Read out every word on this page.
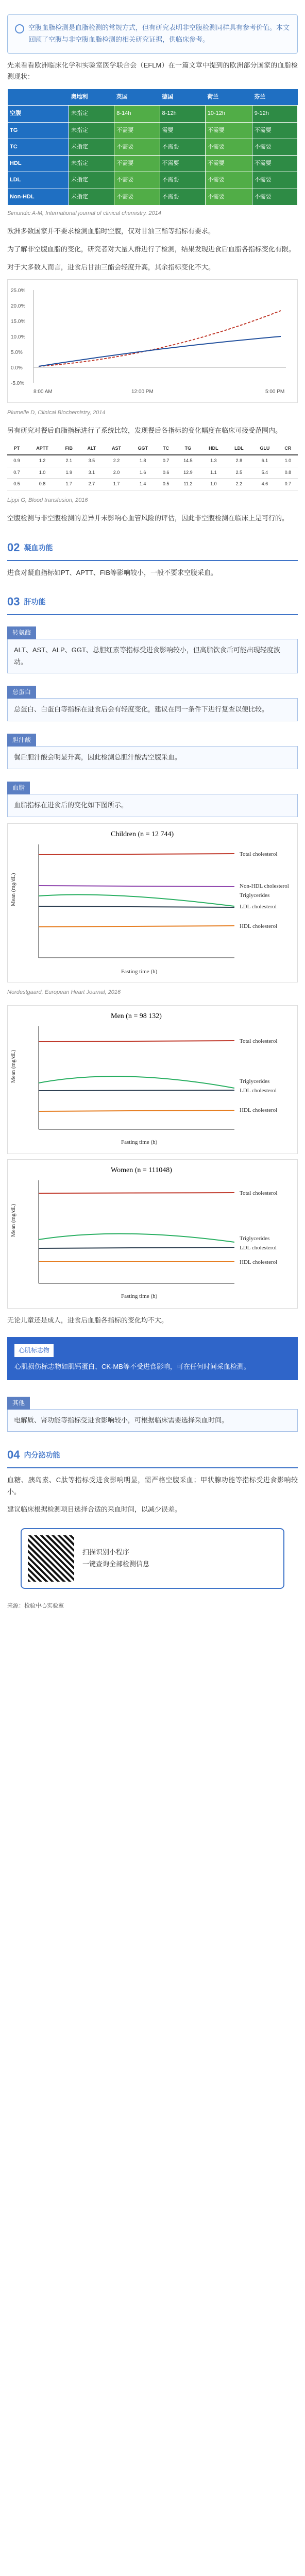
空腹血脂检测是血脂检测的常规方式，但有研究表明非空腹检测同样具有参考价值。本文回顾了空腹与非空腹血脂检测的相关研究证据，供临床参考。

先来看看欧洲临床化学和实验室医学联合会（EFLM）在一篇文章中提到的欧洲部分国家的血脂检测现状：

	奥地利	英国	德国	荷兰	芬兰
空腹	未指定	8-14h	8-12h	10-12h	9-12h
TG	未指定	不需要	需要	不需要	不需要
TC	未指定	不需要	不需要	不需要	不需要
HDL	未指定	不需要	不需要	不需要	不需要
LDL	未指定	不需要	不需要	不需要	不需要
Non-HDL	未指定	不需要	不需要	不需要	不需要
Simundic A-M, International journal of clinical chemistry. 2014

欧洲多数国家并不要求检测血脂时空腹，仅对甘油三酯等指标有要求。

为了解非空腹血脂的变化，研究者对大量人群进行了检测，结果发现进食后血脂各指标变化有限。

对于大多数人而言，进食后甘油三酯会轻度升高，其余指标变化不大。

25.0%
20.0%
15.0%
10.0%
5.0%
0.0%
-5.0%
8:00 AM	12:00 PM	5:00 PM
Plumelle D, Clinical Biochemistry, 2014

另有研究对餐后血脂指标进行了系统比较，发现餐后各指标的变化幅度在临床可接受范围内。

PT	APTT	FIB	ALT	AST	GGT	TC	TG	HDL	LDL	GLU	CR
0.9	1.2	2.1	3.5	2.2	1.8	0.7	14.5	1.3	2.8	6.1	1.0
0.7	1.0	1.9	3.1	2.0	1.6	0.6	12.9	1.1	2.5	5.4	0.8
0.5	0.8	1.7	2.7	1.7	1.4	0.5	11.2	1.0	2.2	4.6	0.7
Lippi G, Blood transfusion, 2016

空腹检测与非空腹检测的差异并未影响心血管风险的评估，因此非空腹检测在临床上是可行的。

02 凝血功能

进食对凝血指标如PT、APTT、FIB等影响较小，一般不要求空腹采血。

03 肝功能
转氨酶
ALT、AST、ALP、GGT、总胆红素等指标受进食影响较小，但高脂饮食后可能出现轻度波动。
总蛋白
总蛋白、白蛋白等指标在进食后会有轻度变化，建议在同一条件下进行复查以便比较。
胆汁酸
餐后胆汁酸会明显升高，因此检测总胆汁酸需空腹采血。
血脂
血脂指标在进食后的变化如下图所示。
Children (n = 12 744)
Total cholesterol
Non-HDL cholesterol
Triglycerides
LDL cholesterol
HDL cholesterol
Fasting time (h)
Mean (mg/dL)
Nordestgaard, European Heart Journal, 2016
Men (n = 98 132)
Total cholesterol
Triglycerides
LDL cholesterol
HDL cholesterol
Fasting time (h)
Mean (mg/dL)
Women (n = 111048)
Total cholesterol
Triglycerides
LDL cholesterol
HDL cholesterol
Fasting time (h)
Mean (mg/dL)

无论儿童还是成人，进食后血脂各指标的变化均不大。

心肌标志物
心肌损伤标志物如肌钙蛋白、CK-MB等不受进食影响，可在任何时间采血检测。
其他
电解质、肾功能等指标受进食影响较小，可根据临床需要选择采血时间。
04 内分泌功能

血糖、胰岛素、C肽等指标受进食影响明显，需严格空腹采血；甲状腺功能等指标受进食影响较小。

建议临床根据检测项目选择合适的采血时间，以减少误差。

扫描识别小程序
一键查询全部检测信息

来源：检验中心实验室
